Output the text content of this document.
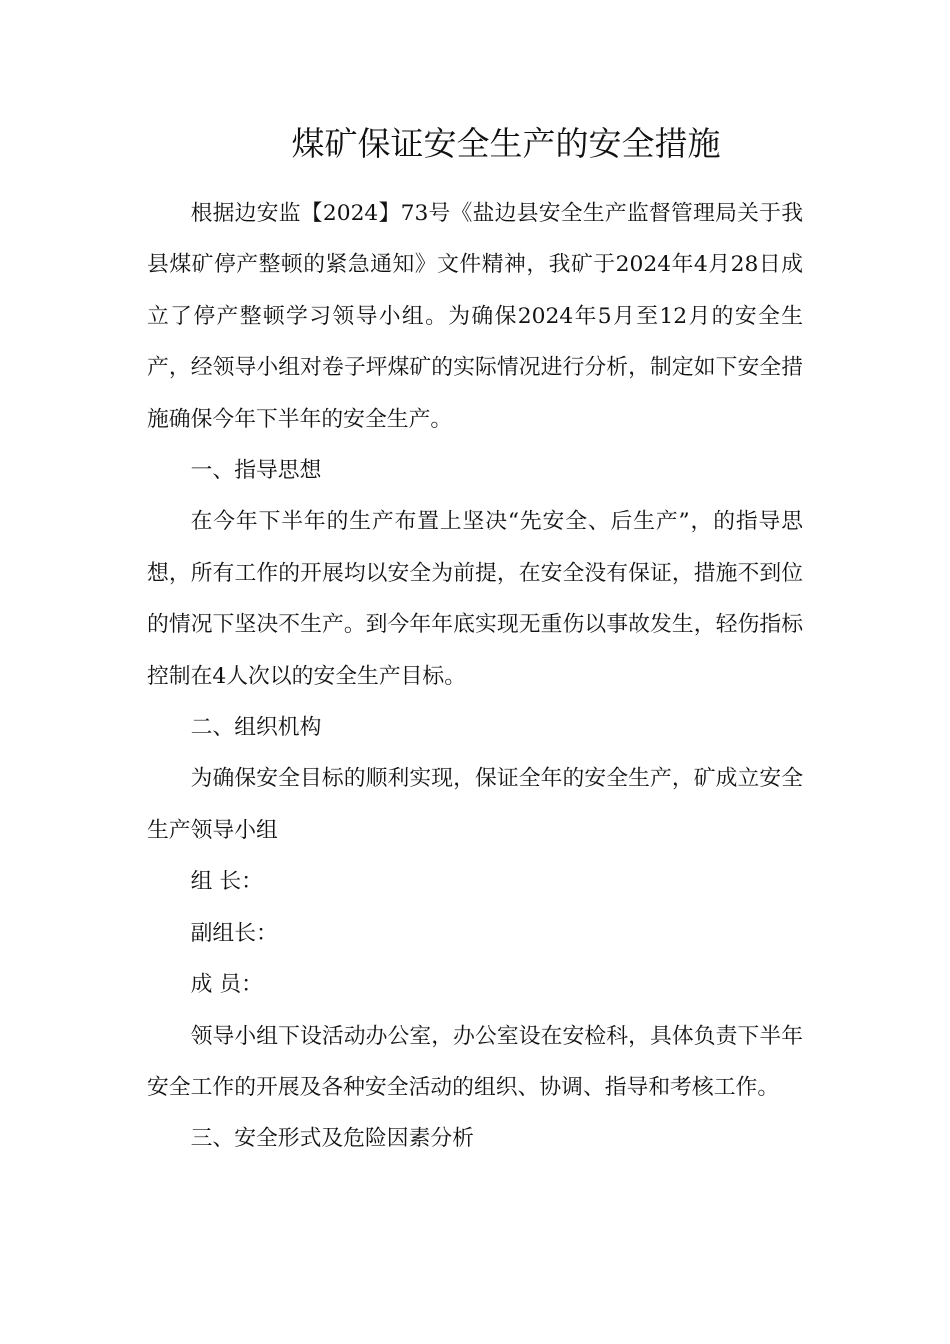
煤矿保证安全生产的安全措施

根据边安监【2024】73号《盐边县安全生产监督管理局关于我县煤矿停产整顿的紧急通知》文件精神，我矿于2024年4月28日成立了停产整顿学习领导小组。为确保2024年5月至12月的安全生产，经领导小组对卷子坪煤矿的实际情况进行分析，制定如下安全措施确保今年下半年的安全生产。

一、指导思想

在今年下半年的生产布置上坚决“先安全、后生产”，的指导思想，所有工作的开展均以安全为前提，在安全没有保证，措施不到位的情况下坚决不生产。到今年年底实现无重伤以事故发生，轻伤指标控制在4人次以的安全生产目标。

二、组织机构

为确保安全目标的顺利实现，保证全年的安全生产，矿成立安全生产领导小组

组 长：

副组长：

成 员：

领导小组下设活动办公室，办公室设在安检科，具体负责下半年安全工作的开展及各种安全活动的组织、协调、指导和考核工作。

三、安全形式及危险因素分析
